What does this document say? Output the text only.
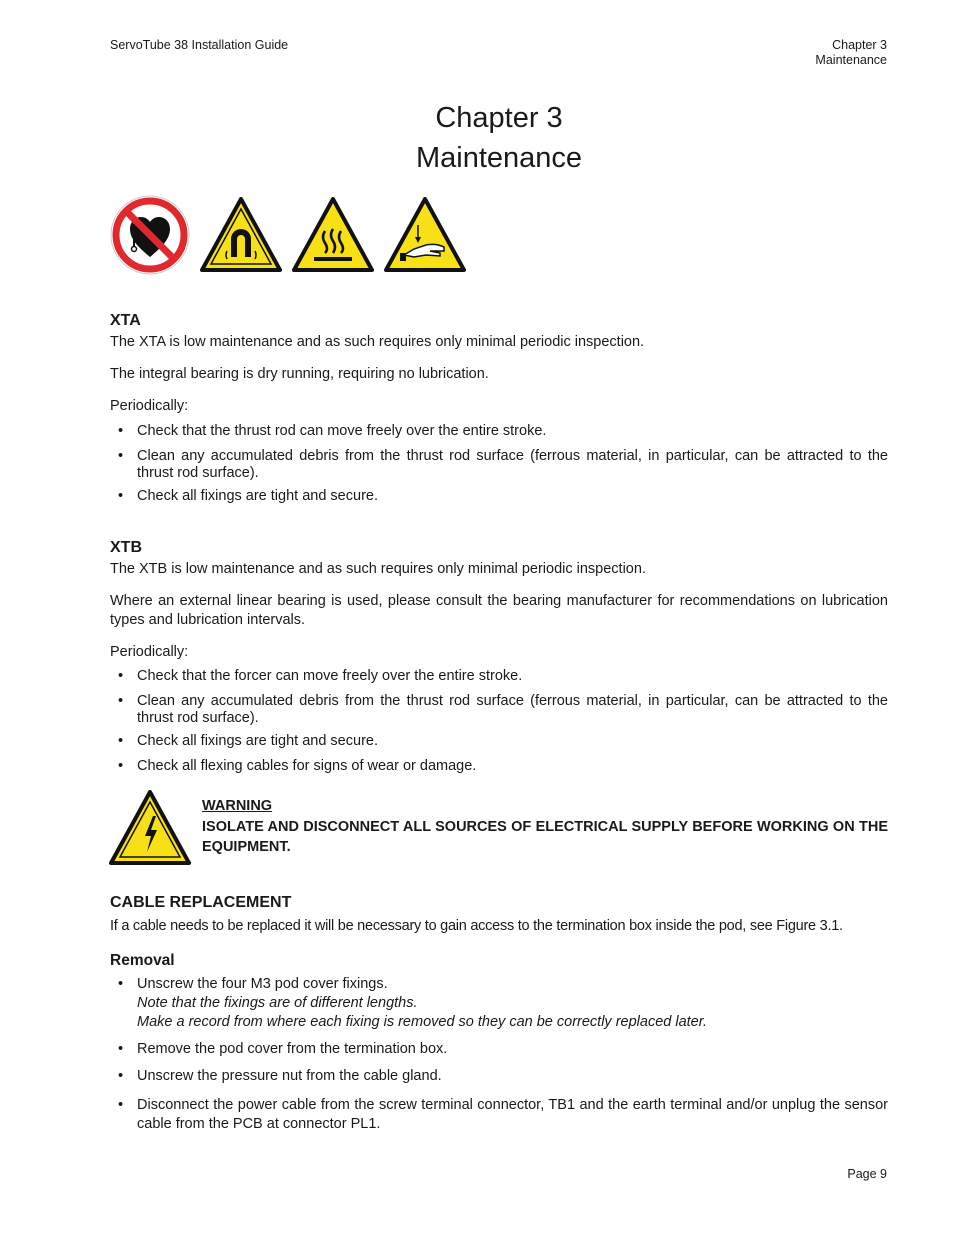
ServoTube 38 Installation Guide	Chapter 3
Maintenance
Chapter 3
Maintenance
XTA
The XTA is low maintenance and as such requires only minimal periodic inspection.
The integral bearing is dry running, requiring no lubrication.
Periodically:
• Check that the thrust rod can move freely over the entire stroke.
• Clean any accumulated debris from the thrust rod surface (ferrous material, in particular, can be attracted to the thrust rod surface).
• Check all fixings are tight and secure.
XTB
The XTB is low maintenance and as such requires only minimal periodic inspection.
Where an external linear bearing is used, please consult the bearing manufacturer for recommendations on lubrication types and lubrication intervals.
Periodically:
• Check that the forcer can move freely over the entire stroke.
• Clean any accumulated debris from the thrust rod surface (ferrous material, in particular, can be attracted to the thrust rod surface).
• Check all fixings are tight and secure.
• Check all flexing cables for signs of wear or damage.
WARNING
ISOLATE AND DISCONNECT ALL SOURCES OF ELECTRICAL SUPPLY BEFORE WORKING ON THE EQUIPMENT.
CABLE REPLACEMENT
If a cable needs to be replaced it will be necessary to gain access to the termination box inside the pod, see Figure 3.1.
Removal
• Unscrew the four M3 pod cover fixings.
Note that the fixings are of different lengths.
Make a record from where each fixing is removed so they can be correctly replaced later.
• Remove the pod cover from the termination box.
• Unscrew the pressure nut from the cable gland.
• Disconnect the power cable from the screw terminal connector, TB1 and the earth terminal and/or unplug the sensor cable from the PCB at connector PL1.
Page 9
